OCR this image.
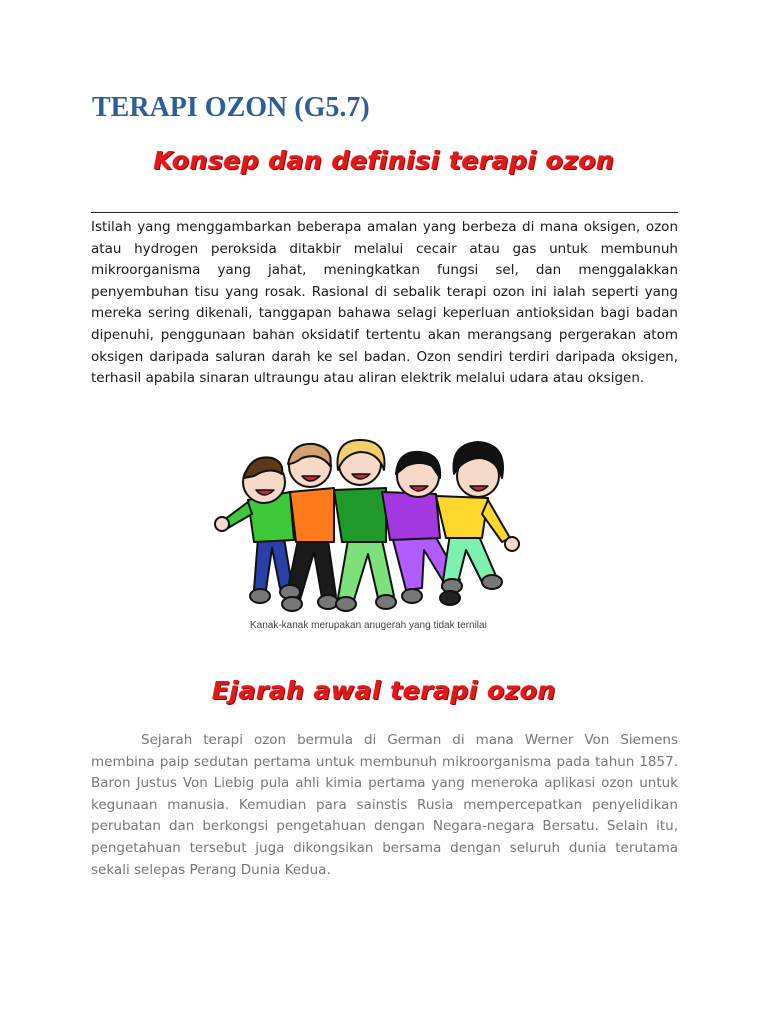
TERAPI OZON (G5.7)
Konsep dan definisi terapi ozon

Istilah yang menggambarkan beberapa amalan yang berbeza di mana oksigen, ozon atau hydrogen peroksida ditakbir melalui cecair atau gas untuk membunuh mikroorganisma yang jahat, meningkatkan fungsi sel, dan menggalakkan penyembuhan tisu yang rosak. Rasional di sebalik terapi ozon ini ialah seperti yang mereka sering dikenali, tanggapan bahawa selagi keperluan antioksidan bagi badan dipenuhi, penggunaan bahan oksidatif tertentu akan merangsang pergerakan atom oksigen daripada saluran darah ke sel badan. Ozon sendiri terdiri daripada oksigen, terhasil apabila sinaran ultraungu atau aliran elektrik melalui udara atau oksigen.

Kanak-kanak merupakan anugerah yang tidak ternilai

Ejarah awal terapi ozon

Sejarah terapi ozon bermula di German di mana Werner Von Siemens membina paip sedutan pertama untuk membunuh mikroorganisma pada tahun 1857. Baron Justus Von Liebig pula ahli kimia pertama yang meneroka aplikasi ozon untuk kegunaan manusia. Kemudian para sainstis Rusia mempercepatkan penyelidikan perubatan dan berkongsi pengetahuan dengan Negara-negara Bersatu. Selain itu, pengetahuan tersebut juga dikongsikan bersama dengan seluruh dunia terutama sekali selepas Perang Dunia Kedua.
